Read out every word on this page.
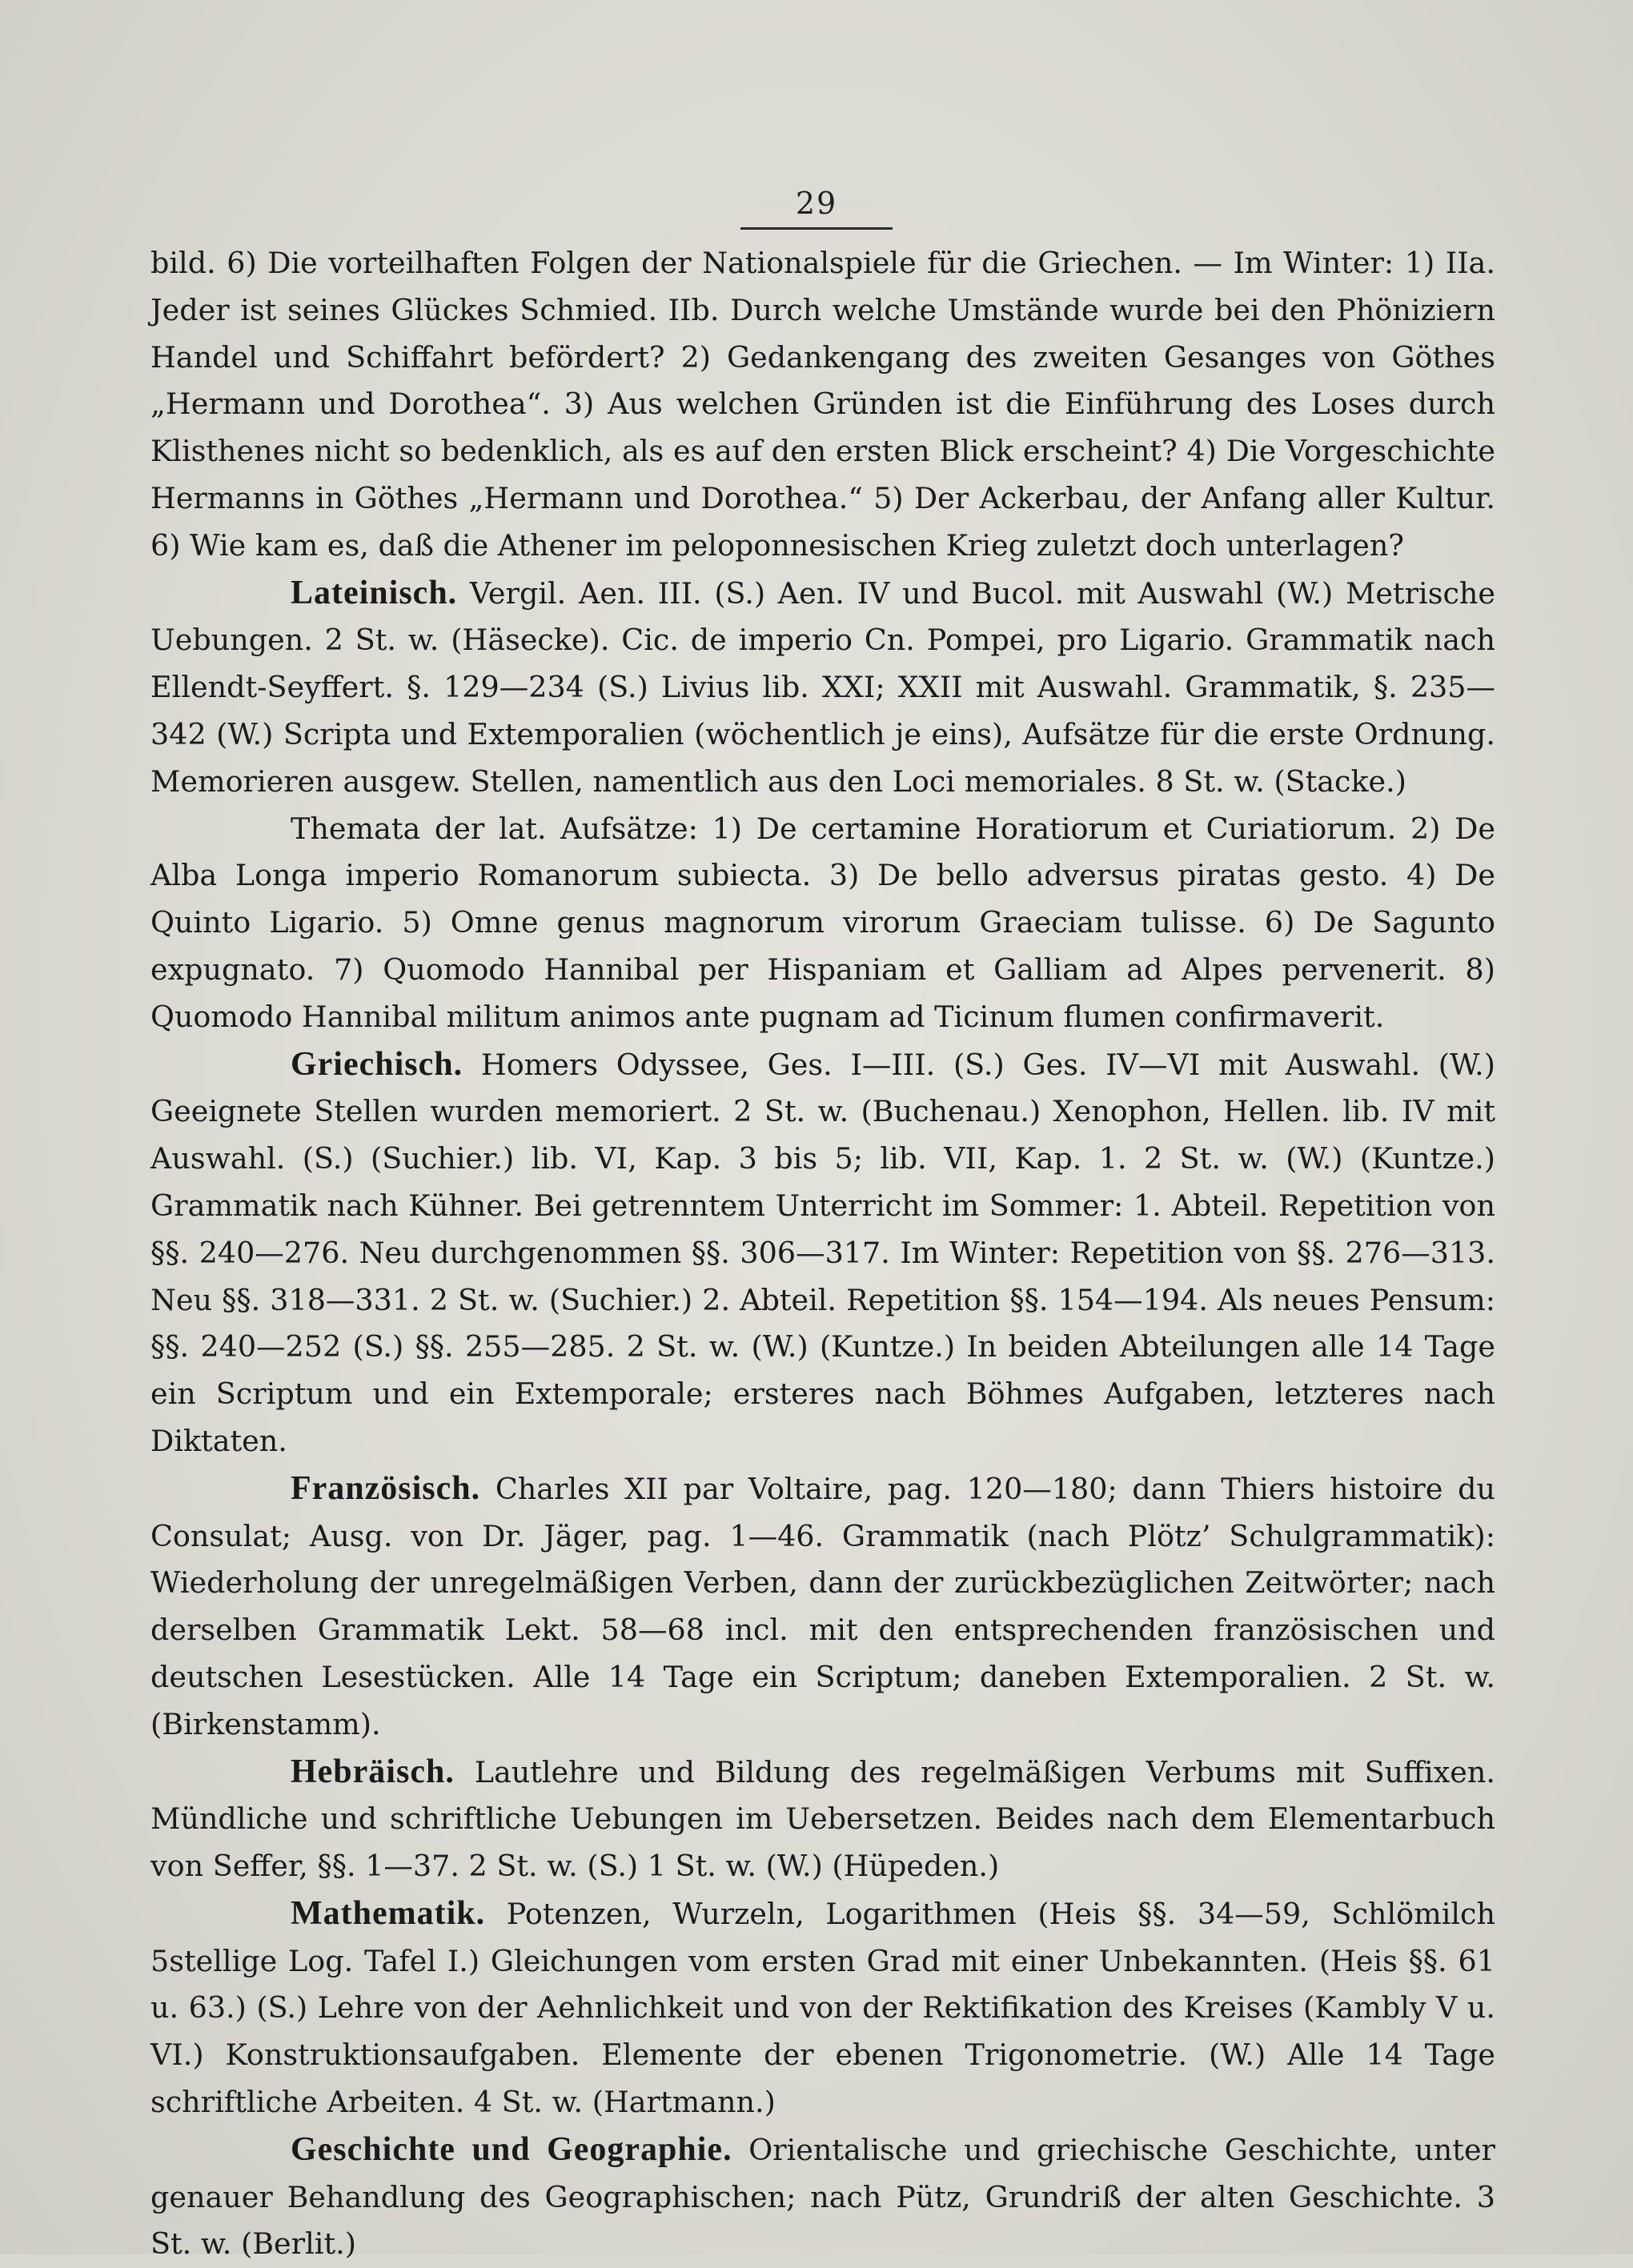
29

bild. 6) Die vorteilhaften Folgen der Nationalspiele für die Griechen. — Im Winter: 1) IIa. Jeder ist seines Glückes Schmied. IIb. Durch welche Umstände wurde bei den Phöniziern Handel und Schiffahrt befördert? 2) Gedankengang des zweiten Gesanges von Göthes „Hermann und Dorothea“. 3) Aus welchen Gründen ist die Einführung des Loses durch Klisthenes nicht so bedenklich, als es auf den ersten Blick erscheint? 4) Die Vorgeschichte Hermanns in Göthes „Hermann und Dorothea.“ 5) Der Ackerbau, der Anfang aller Kultur. 6) Wie kam es, daß die Athener im peloponnesischen Krieg zuletzt doch unterlagen?

Lateinisch. Vergil. Aen. III. (S.) Aen. IV und Bucol. mit Auswahl (W.) Metrische Uebungen. 2 St. w. (Häsecke). Cic. de imperio Cn. Pompei, pro Ligario. Grammatik nach Ellendt-Seyffert. §. 129—234 (S.) Livius lib. XXI; XXII mit Auswahl. Grammatik, §. 235—342 (W.) Scripta und Extemporalien (wöchentlich je eins), Aufsätze für die erste Ordnung. Memorieren ausgew. Stellen, namentlich aus den Loci memoriales. 8 St. w. (Stacke.)

Themata der lat. Aufsätze: 1) De certamine Horatiorum et Curiatiorum. 2) De Alba Longa imperio Romanorum subiecta. 3) De bello adversus piratas gesto. 4) De Quinto Ligario. 5) Omne genus magnorum virorum Graeciam tulisse. 6) De Sagunto expugnato. 7) Quomodo Hannibal per Hispaniam et Galliam ad Alpes pervenerit. 8) Quomodo Hannibal militum animos ante pugnam ad Ticinum flumen confirmaverit.

Griechisch. Homers Odyssee, Ges. I—III. (S.) Ges. IV—VI mit Auswahl. (W.) Geeignete Stellen wurden memoriert. 2 St. w. (Buchenau.) Xenophon, Hellen. lib. IV mit Auswahl. (S.) (Suchier.) lib. VI, Kap. 3 bis 5; lib. VII, Kap. 1. 2 St. w. (W.) (Kuntze.) Grammatik nach Kühner. Bei getrenntem Unterricht im Sommer: 1. Abteil. Repetition von §§. 240—276. Neu durchgenommen §§. 306—317. Im Winter: Repetition von §§. 276—313. Neu §§. 318—331. 2 St. w. (Suchier.) 2. Abteil. Repetition §§. 154—194. Als neues Pensum: §§. 240—252 (S.) §§. 255—285. 2 St. w. (W.) (Kuntze.) In beiden Abteilungen alle 14 Tage ein Scriptum und ein Extemporale; ersteres nach Böhmes Aufgaben, letzteres nach Diktaten.

Französisch. Charles XII par Voltaire, pag. 120—180; dann Thiers histoire du Consulat; Ausg. von Dr. Jäger, pag. 1—46. Grammatik (nach Plötz’ Schulgrammatik): Wiederholung der unregelmäßigen Verben, dann der zurückbezüglichen Zeitwörter; nach derselben Grammatik Lekt. 58—68 incl. mit den entsprechenden französischen und deutschen Lesestücken. Alle 14 Tage ein Scriptum; daneben Extemporalien. 2 St. w. (Birkenstamm).

Hebräisch. Lautlehre und Bildung des regelmäßigen Verbums mit Suffixen. Mündliche und schriftliche Uebungen im Uebersetzen. Beides nach dem Elementarbuch von Seffer, §§. 1—37. 2 St. w. (S.) 1 St. w. (W.) (Hüpeden.)

Mathematik. Potenzen, Wurzeln, Logarithmen (Heis §§. 34—59, Schlömilch 5stellige Log. Tafel I.) Gleichungen vom ersten Grad mit einer Unbekannten. (Heis §§. 61 u. 63.) (S.) Lehre von der Aehnlichkeit und von der Rektifikation des Kreises (Kambly V u. VI.) Konstruktionsaufgaben. Elemente der ebenen Trigonometrie. (W.) Alle 14 Tage schriftliche Arbeiten. 4 St. w. (Hartmann.)

Geschichte und Geographie. Orientalische und griechische Geschichte, unter genauer Behandlung des Geographischen; nach Pütz, Grundriß der alten Geschichte. 3 St. w. (Berlit.)
